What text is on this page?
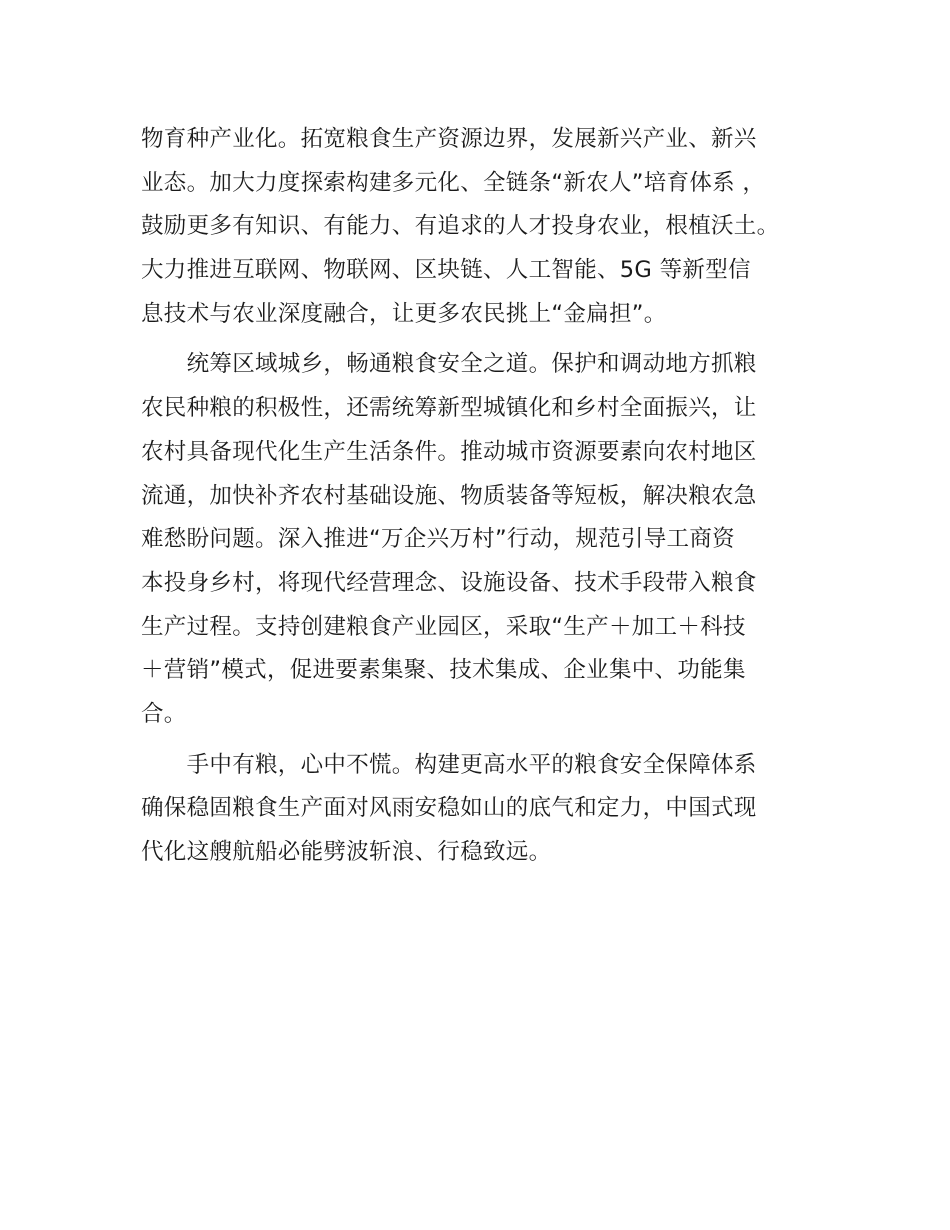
物育种产业化。拓宽粮食生产资源边界，发展新兴产业、新兴
业态。加大力度探索构建多元化、全链条“新农人”培育体系 ，
鼓励更多有知识、有能力、有追求的人才投身农业，根植沃土。
大力推进互联网、物联网、区块链、人工智能、5G 等新型信
息技术与农业深度融合，让更多农民挑上“金扁担”。
　　统筹区域城乡，畅通粮食安全之道。保护和调动地方抓粮
农民种粮的积极性，还需统筹新型城镇化和乡村全面振兴，让
农村具备现代化生产生活条件。推动城市资源要素向农村地区
流通，加快补齐农村基础设施、物质装备等短板，解决粮农急
难愁盼问题。深入推进“万企兴万村”行动，规范引导工商资
本投身乡村，将现代经营理念、设施设备、技术手段带入粮食
生产过程。支持创建粮食产业园区，采取“生产＋加工＋科技
＋营销”模式，促进要素集聚、技术集成、企业集中、功能集
合。
　　手中有粮，心中不慌。构建更高水平的粮食安全保障体系
确保稳固粮食生产面对风雨安稳如山的底气和定力，中国式现
代化这艘航船必能劈波斩浪、行稳致远。
